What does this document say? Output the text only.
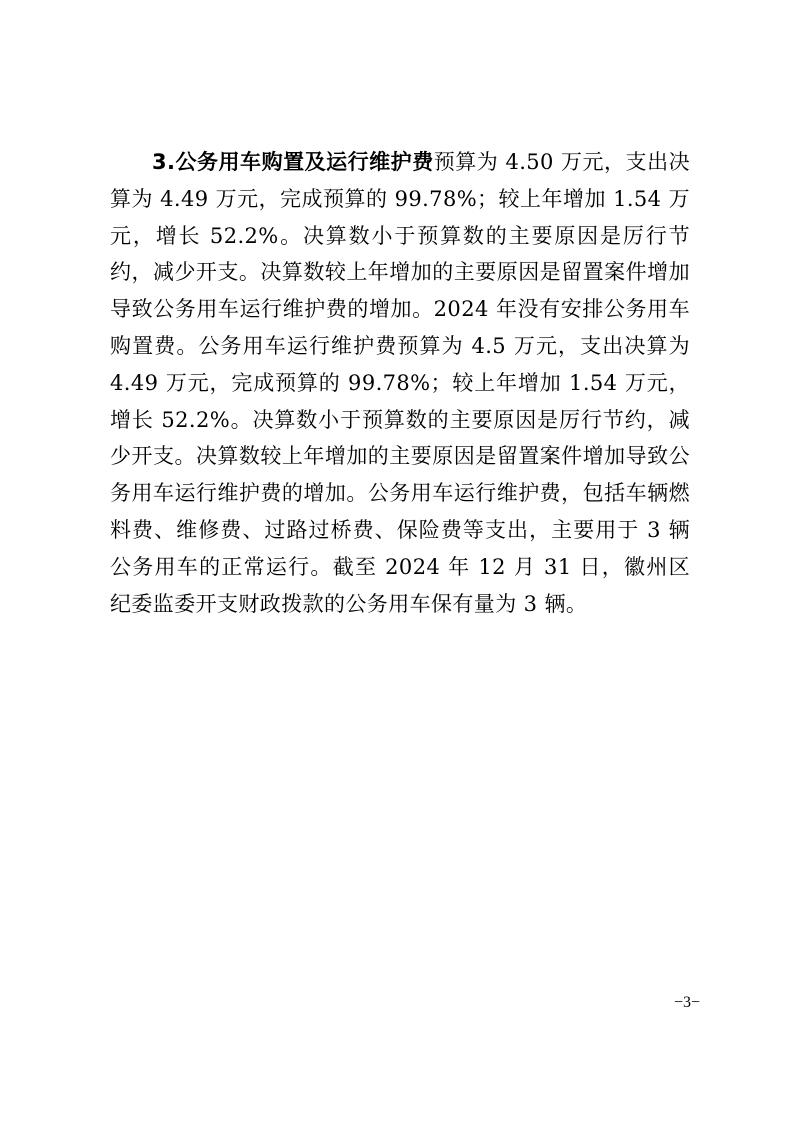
3.公务用车购置及运行维护费预算为 4.50 万元，支出决算为 4.49 万元，完成预算的 99.78%；较上年增加 1.54 万元，增长 52.2%。决算数小于预算数的主要原因是厉行节约，减少开支。决算数较上年增加的主要原因是留置案件增加导致公务用车运行维护费的增加。2024 年没有安排公务用车购置费。公务用车运行维护费预算为 4.5 万元，支出决算为 4.49 万元，完成预算的 99.78%；较上年增加 1.54 万元，增长 52.2%。决算数小于预算数的主要原因是厉行节约，减少开支。决算数较上年增加的主要原因是留置案件增加导致公务用车运行维护费的增加。公务用车运行维护费，包括车辆燃料费、维修费、过路过桥费、保险费等支出，主要用于 3 辆公务用车的正常运行。截至 2024 年 12 月 31 日，徽州区纪委监委开支财政拨款的公务用车保有量为 3 辆。

−3−
